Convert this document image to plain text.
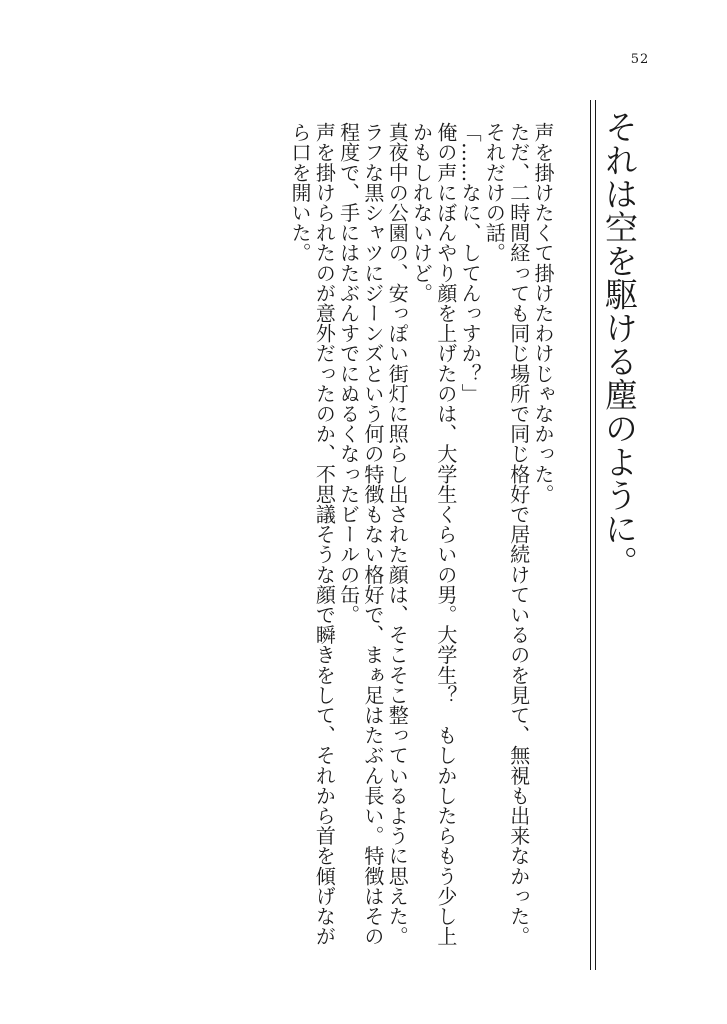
52
それは空を駆ける塵のように。

声を掛けたくて掛けたわけじゃなかった。

ただ、二時間経っても同じ場所で同じ格好で居続けているのを見て、無視も出来なかった。

それだけの話。

「……なに、してんっすか？」

俺の声にぼんやり顔を上げたのは、大学生くらいの男。大学生？　もしかしたらもう少し上

かもしれないけど。

真夜中の公園の、安っぽい街灯に照らし出された顔は、そこそこ整っているように思えた。

ラフな黒シャツにジーンズという何の特徴もない格好で、まぁ足はたぶん長い。特徴はその

程度で、手にはたぶんすでにぬるくなったビールの缶。

声を掛けられたのが意外だったのか、不思議そうな顔で瞬きをして、それから首を傾げなが

ら口を開いた。
